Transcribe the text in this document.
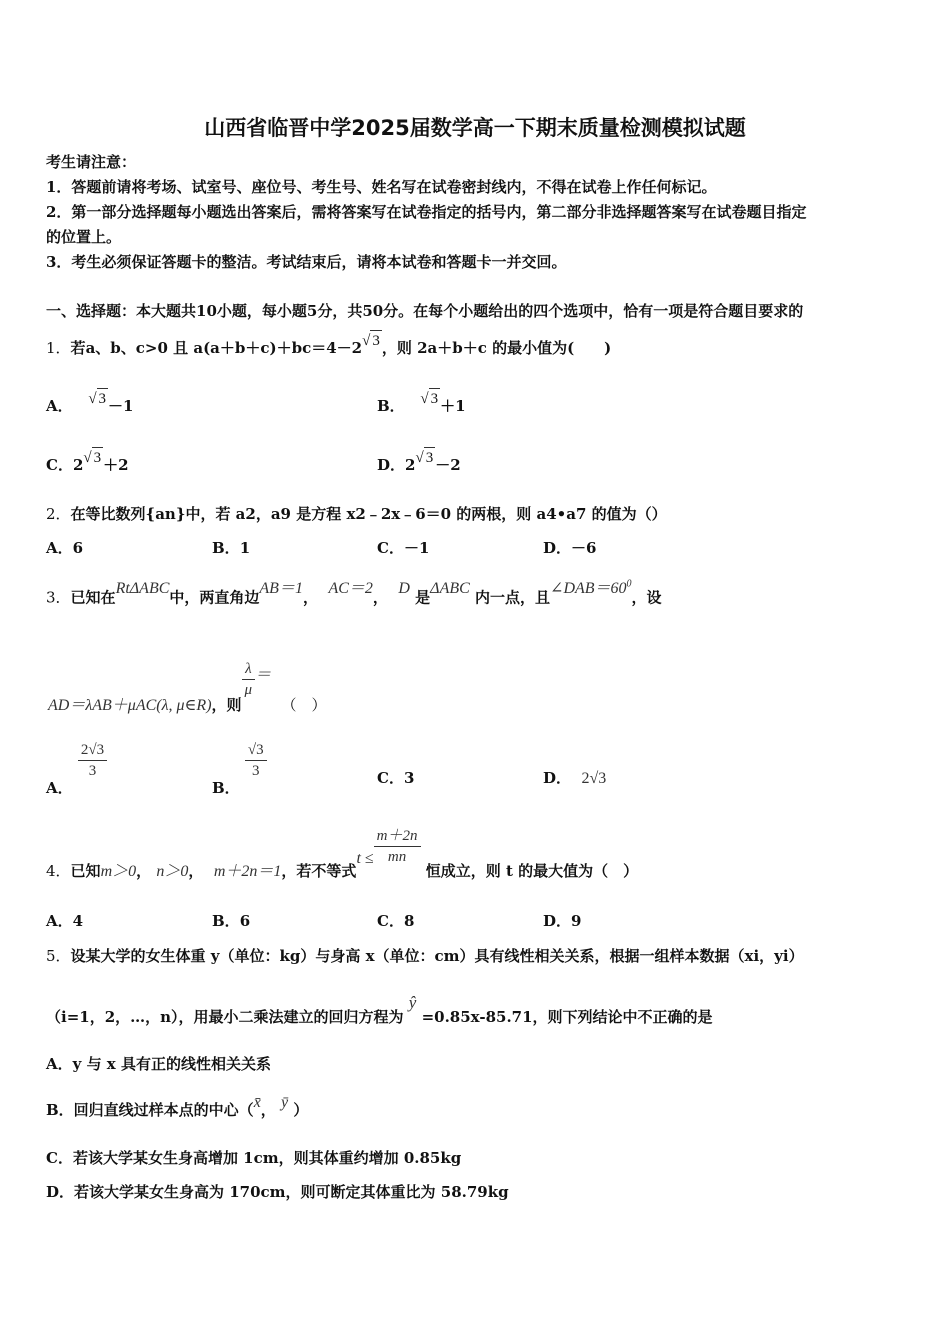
山西省临晋中学2025届数学高一下期末质量检测模拟试题
考生请注意：
1．答题前请将考场、试室号、座位号、考生号、姓名写在试卷密封线内，不得在试卷上作任何标记。
2．第一部分选择题每小题选出答案后，需将答案写在试卷指定的括号内，第二部分非选择题答案写在试卷题目指定
的位置上。
3．考生必须保证答题卡的整洁。考试结束后，请将本试卷和答题卡一并交回。
一、选择题：本大题共10小题，每小题5分，共50分。在每个小题给出的四个选项中，恰有一项是符合题目要求的
1．若a、b、c>0 且 a(a＋b＋c)＋bc＝4－2√ 3 ，则 2a＋b＋c 的最小值为(　　)
A． √ 3 －1	B． √ 3 ＋1
C．2√ 3 ＋2	D．2√ 3 －2
2．在等比数列{an}中，若 a2，a9 是方程 x2﹣2x﹣6＝0 的两根，则 a4•a7 的值为（）
A．6	B．1	C．－1	D．－6
3．已知在RtΔABC中，两直角边AB＝1， AC＝2， D 是ΔABC 内一点，且$\angle DAB=60^0$，设
AD＝λAB＋μAC(λ, μ∈R)，则
$\frac{\lambda}{\mu}$ ＝  （　）
A．
$\frac{2√3}{3}$
B．
$\frac{√3}{3}$	C．3	D． 2√3
4．已知m＞0， n＞0， m＋2n＝1，若不等式$t \le \frac{m+2n}{mn}$
恒成立，则 t 的最大值为（　）
A．4	B．6	C．8	D．9
5．设某大学的女生体重 y（单位：kg）与身高 x（单位：cm）具有线性相关关系，根据一组样本数据（xi，yi）
（i=1，2，…，n），用最小二乘法建立的回归方程为 ŷ =0.85x-85.71，则下列结论中不正确的是
A．y 与 x 具有正的线性相关关系
B．回归直线过样本点的中心（x̄， ȳ ）
C．若该大学某女生身高增加 1cm，则其体重约增加 0.85kg
D．若该大学某女生身高为 170cm，则可断定其体重比为 58.79kg
